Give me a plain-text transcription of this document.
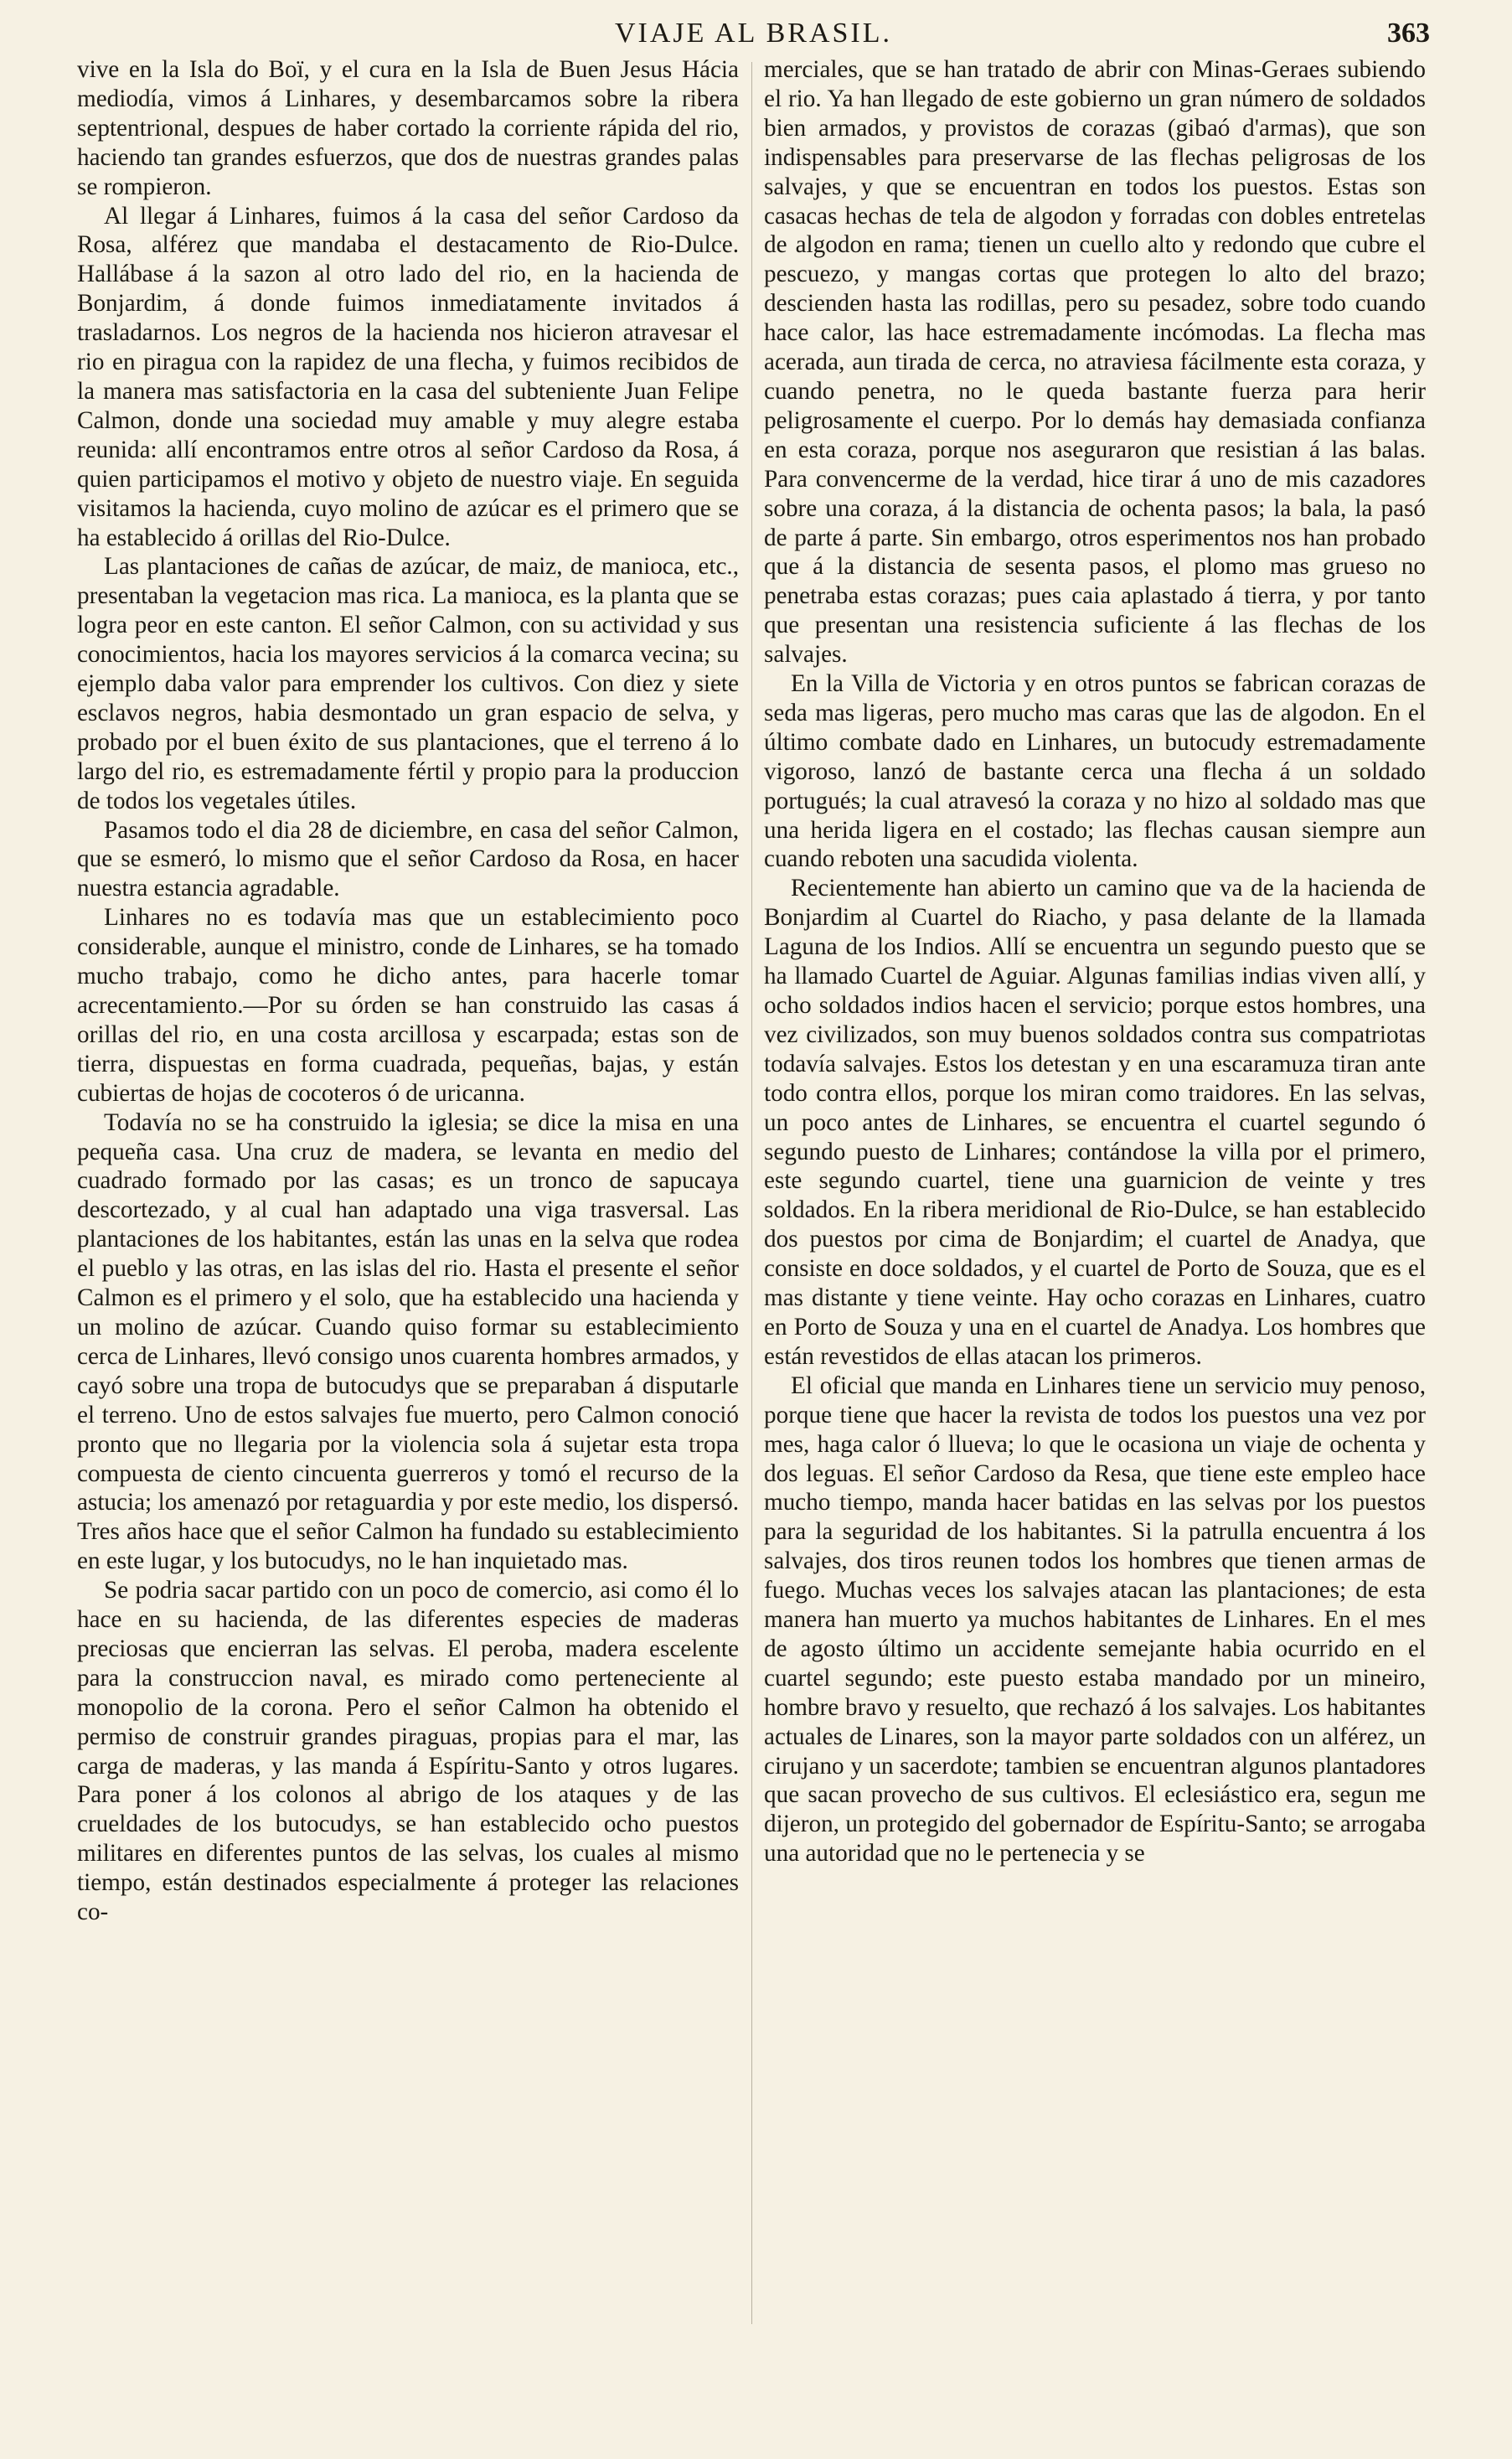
VIAJE AL BRASIL.	363

vive en la Isla do Boï, y el cura en la Isla de Buen Jesus Hácia mediodía, vimos á Linhares, y desembarcamos sobre la ribera septentrional, despues de haber cortado la corriente rápida del rio, haciendo tan grandes esfuerzos, que dos de nuestras grandes palas se rompieron.

Al llegar á Linhares, fuimos á la casa del señor Cardoso da Rosa, alférez que mandaba el destacamento de Rio-Dulce. Hallábase á la sazon al otro lado del rio, en la hacienda de Bonjardim, á donde fuimos inmediatamente invitados á trasladarnos. Los negros de la hacienda nos hicieron atravesar el rio en piragua con la rapidez de una flecha, y fuimos recibidos de la manera mas satisfactoria en la casa del subteniente Juan Felipe Calmon, donde una sociedad muy amable y muy alegre estaba reunida: allí encontramos entre otros al señor Cardoso da Rosa, á quien participamos el motivo y objeto de nuestro viaje. En seguida visitamos la hacienda, cuyo molino de azúcar es el primero que se ha establecido á orillas del Rio-Dulce.

Las plantaciones de cañas de azúcar, de maiz, de manioca, etc., presentaban la vegetacion mas rica. La manioca, es la planta que se logra peor en este canton. El señor Calmon, con su actividad y sus conocimientos, hacia los mayores servicios á la comarca vecina; su ejemplo daba valor para emprender los cultivos. Con diez y siete esclavos negros, habia desmontado un gran espacio de selva, y probado por el buen éxito de sus plantaciones, que el terreno á lo largo del rio, es estremadamente fértil y propio para la produccion de todos los vegetales útiles.

Pasamos todo el dia 28 de diciembre, en casa del señor Calmon, que se esmeró, lo mismo que el señor Cardoso da Rosa, en hacer nuestra estancia agradable.

Linhares no es todavía mas que un establecimiento poco considerable, aunque el ministro, conde de Linhares, se ha tomado mucho trabajo, como he dicho antes, para hacerle tomar acrecentamiento.—Por su órden se han construido las casas á orillas del rio, en una costa arcillosa y escarpada; estas son de tierra, dispuestas en forma cuadrada, pequeñas, bajas, y están cubiertas de hojas de cocoteros ó de uricanna.

Todavía no se ha construido la iglesia; se dice la misa en una pequeña casa. Una cruz de madera, se levanta en medio del cuadrado formado por las casas; es un tronco de sapucaya descortezado, y al cual han adaptado una viga trasversal. Las plantaciones de los habitantes, están las unas en la selva que rodea el pueblo y las otras, en las islas del rio. Hasta el presente el señor Calmon es el primero y el solo, que ha establecido una hacienda y un molino de azúcar. Cuando quiso formar su establecimiento cerca de Linhares, llevó consigo unos cuarenta hombres armados, y cayó sobre una tropa de butocudys que se preparaban á disputarle el terreno. Uno de estos salvajes fue muerto, pero Calmon conoció pronto que no llegaria por la violencia sola á sujetar esta tropa compuesta de ciento cincuenta guerreros y tomó el recurso de la astucia; los amenazó por retaguardia y por este medio, los dispersó. Tres años hace que el señor Calmon ha fundado su establecimiento en este lugar, y los butocudys, no le han inquietado mas.

Se podria sacar partido con un poco de comercio, asi como él lo hace en su hacienda, de las diferentes especies de maderas preciosas que encierran las selvas. El peroba, madera escelente para la construccion naval, es mirado como perteneciente al monopolio de la corona. Pero el señor Calmon ha obtenido el permiso de construir grandes piraguas, propias para el mar, las carga de maderas, y las manda á Espíritu-Santo y otros lugares. Para poner á los colonos al abrigo de los ataques y de las crueldades de los butocudys, se han establecido ocho puestos militares en diferentes puntos de las selvas, los cuales al mismo tiempo, están destinados especialmente á proteger las relaciones co-

merciales, que se han tratado de abrir con Minas-Geraes subiendo el rio. Ya han llegado de este gobierno un gran número de soldados bien armados, y provistos de corazas (gibaó d'armas), que son indispensables para preservarse de las flechas peligrosas de los salvajes, y que se encuentran en todos los puestos. Estas son casacas hechas de tela de algodon y forradas con dobles entretelas de algodon en rama; tienen un cuello alto y redondo que cubre el pescuezo, y mangas cortas que protegen lo alto del brazo; descienden hasta las rodillas, pero su pesadez, sobre todo cuando hace calor, las hace estremadamente incómodas. La flecha mas acerada, aun tirada de cerca, no atraviesa fácilmente esta coraza, y cuando penetra, no le queda bastante fuerza para herir peligrosamente el cuerpo. Por lo demás hay demasiada confianza en esta coraza, porque nos aseguraron que resistian á las balas. Para convencerme de la verdad, hice tirar á uno de mis cazadores sobre una coraza, á la distancia de ochenta pasos; la bala, la pasó de parte á parte. Sin embargo, otros esperimentos nos han probado que á la distancia de sesenta pasos, el plomo mas grueso no penetraba estas corazas; pues caia aplastado á tierra, y por tanto que presentan una resistencia suficiente á las flechas de los salvajes.

En la Villa de Victoria y en otros puntos se fabrican corazas de seda mas ligeras, pero mucho mas caras que las de algodon. En el último combate dado en Linhares, un butocudy estremadamente vigoroso, lanzó de bastante cerca una flecha á un soldado portugués; la cual atravesó la coraza y no hizo al soldado mas que una herida ligera en el costado; las flechas causan siempre aun cuando reboten una sacudida violenta.

Recientemente han abierto un camino que va de la hacienda de Bonjardim al Cuartel do Riacho, y pasa delante de la llamada Laguna de los Indios. Allí se encuentra un segundo puesto que se ha llamado Cuartel de Aguiar. Algunas familias indias viven allí, y ocho soldados indios hacen el servicio; porque estos hombres, una vez civilizados, son muy buenos soldados contra sus compatriotas todavía salvajes. Estos los detestan y en una escaramuza tiran ante todo contra ellos, porque los miran como traidores. En las selvas, un poco antes de Linhares, se encuentra el cuartel segundo ó segundo puesto de Linhares; contándose la villa por el primero, este segundo cuartel, tiene una guarnicion de veinte y tres soldados. En la ribera meridional de Rio-Dulce, se han establecido dos puestos por cima de Bonjardim; el cuartel de Anadya, que consiste en doce soldados, y el cuartel de Porto de Souza, que es el mas distante y tiene veinte. Hay ocho corazas en Linhares, cuatro en Porto de Souza y una en el cuartel de Anadya. Los hombres que están revestidos de ellas atacan los primeros.

El oficial que manda en Linhares tiene un servicio muy penoso, porque tiene que hacer la revista de todos los puestos una vez por mes, haga calor ó llueva; lo que le ocasiona un viaje de ochenta y dos leguas. El señor Cardoso da Resa, que tiene este empleo hace mucho tiempo, manda hacer batidas en las selvas por los puestos para la seguridad de los habitantes. Si la patrulla encuentra á los salvajes, dos tiros reunen todos los hombres que tienen armas de fuego. Muchas veces los salvajes atacan las plantaciones; de esta manera han muerto ya muchos habitantes de Linhares. En el mes de agosto último un accidente semejante habia ocurrido en el cuartel segundo; este puesto estaba mandado por un mineiro, hombre bravo y resuelto, que rechazó á los salvajes. Los habitantes actuales de Linares, son la mayor parte soldados con un alférez, un cirujano y un sacerdote; tambien se encuentran algunos plantadores que sacan provecho de sus cultivos. El eclesiástico era, segun me dijeron, un protegido del gobernador de Espíritu-Santo; se arrogaba una autoridad que no le pertenecia y se
